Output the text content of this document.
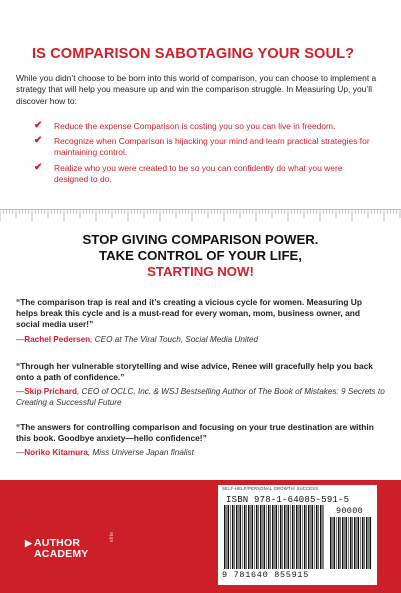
IS COMPARISON SABOTAGING YOUR SOUL?

While you didn’t choose to be born into this world of comparison, you can choose to implement a strategy that will help you measure up and win the comparison struggle. In Measuring Up, you’ll discover how to:

✔ Reduce the expense Comparison is costing you so you can live in freedom.
✔ Recognize when Comparison is hijacking your mind and learn practical strategies for maintaining control.
✔ Realize who you were created to be so you can confidently do what you were designed to do.
STOP GIVING COMPARISON POWER.
TAKE CONTROL OF YOUR LIFE,
STARTING NOW!

“The comparison trap is real and it’s creating a vicious cycle for women. Measuring Up helps break this cycle and is a must-read for every woman, mom, business owner, and social media user!”

—Rachel Pedersen, CEO at The Viral Touch, Social Media United

“Through her vulnerable storytelling and wise advice, Renee will gracefully help you back onto a path of confidence.”

—Skip Prichard, CEO of OCLC, Inc. & WSJ Bestselling Author of The Book of Mistakes: 9 Secrets to Creating a Successful Future

“The answers for controlling comparison and focusing on your true destination are within this book. Goodbye anxiety—hello confidence!”

—Noriko Kitamura, Miss Universe Japan finalist

▶ AUTHOR
ACADEMY
elite
SELF-HELP/PERSONAL GROWTH/ SUCCESS
ISBN 978-1-64085-591-5
90000
9 781640 855915
